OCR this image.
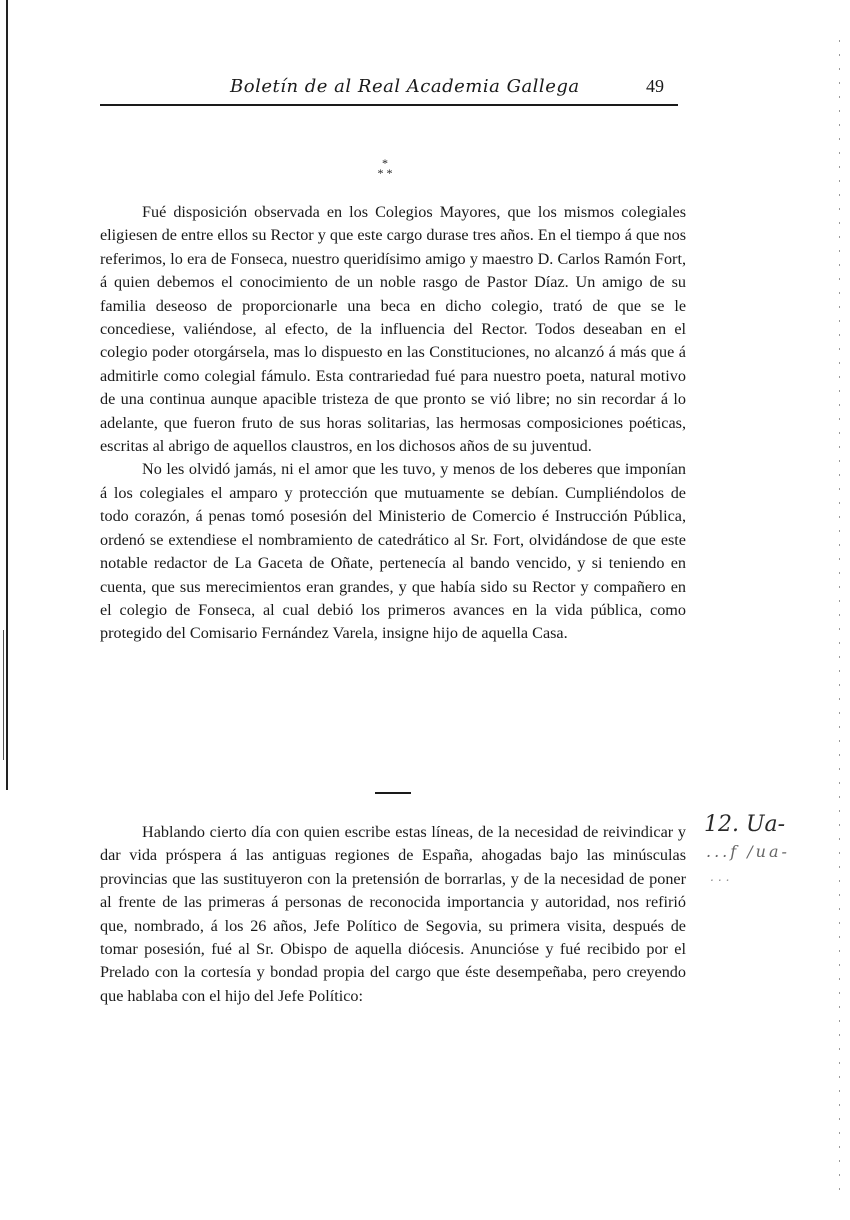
Boletín de al Real Academia Gallega	49
*
* *

Fué disposición observada en los Colegios Mayores, que los mismos colegiales eligiesen de entre ellos su Rector y que este cargo durase tres años. En el tiempo á que nos referimos, lo era de Fonseca, nuestro queridísimo amigo y maestro D. Carlos Ramón Fort, á quien debemos el conocimiento de un noble rasgo de Pastor Díaz. Un amigo de su familia deseoso de proporcionarle una beca en dicho colegio, trató de que se le concediese, valiéndose, al efecto, de la influencia del Rector. Todos deseaban en el colegio poder otorgársela, mas lo dispuesto en las Constituciones, no alcanzó á más que á admitirle como colegial fámulo. Esta contrariedad fué para nuestro poeta, natural motivo de una continua aunque apacible tristeza de que pronto se vió libre; no sin recordar á lo adelante, que fueron fruto de sus horas solitarias, las hermosas composiciones poéticas, escritas al abrigo de aquellos claustros, en los dichosos años de su juventud.

No les olvidó jamás, ni el amor que les tuvo, y menos de los deberes que imponían á los colegiales el amparo y protección que mutuamente se debían. Cumpliéndolos de todo corazón, á penas tomó posesión del Ministerio de Comercio é Instrucción Pública, ordenó se extendiese el nombramiento de catedrático al Sr. Fort, olvidándose de que este notable redactor de La Gaceta de Oñate, pertenecía al bando vencido, y si teniendo en cuenta, que sus merecimientos eran grandes, y que había sido su Rector y compañero en el colegio de Fonseca, al cual debió los primeros avances en la vida pública, como protegido del Comisario Fernández Varela, insigne hijo de aquella Casa.

Hablando cierto día con quien escribe estas líneas, de la necesidad de reivindicar y dar vida próspera á las antiguas regiones de España, ahogadas bajo las minúsculas provincias que las sustituyeron con la pretensión de borrarlas, y de la necesidad de poner al frente de las primeras á personas de reconocida importancia y autoridad, nos refirió que, nombrado, á los 26 años, Jefe Político de Segovia, su primera visita, después de tomar posesión, fué al Sr. Obispo de aquella diócesis. Anuncióse y fué recibido por el Prelado con la cortesía y bondad propia del cargo que éste desempeñaba, pero creyendo que hablaba con el hijo del Jefe Político:

12. Ua-
...f /ua-
...
